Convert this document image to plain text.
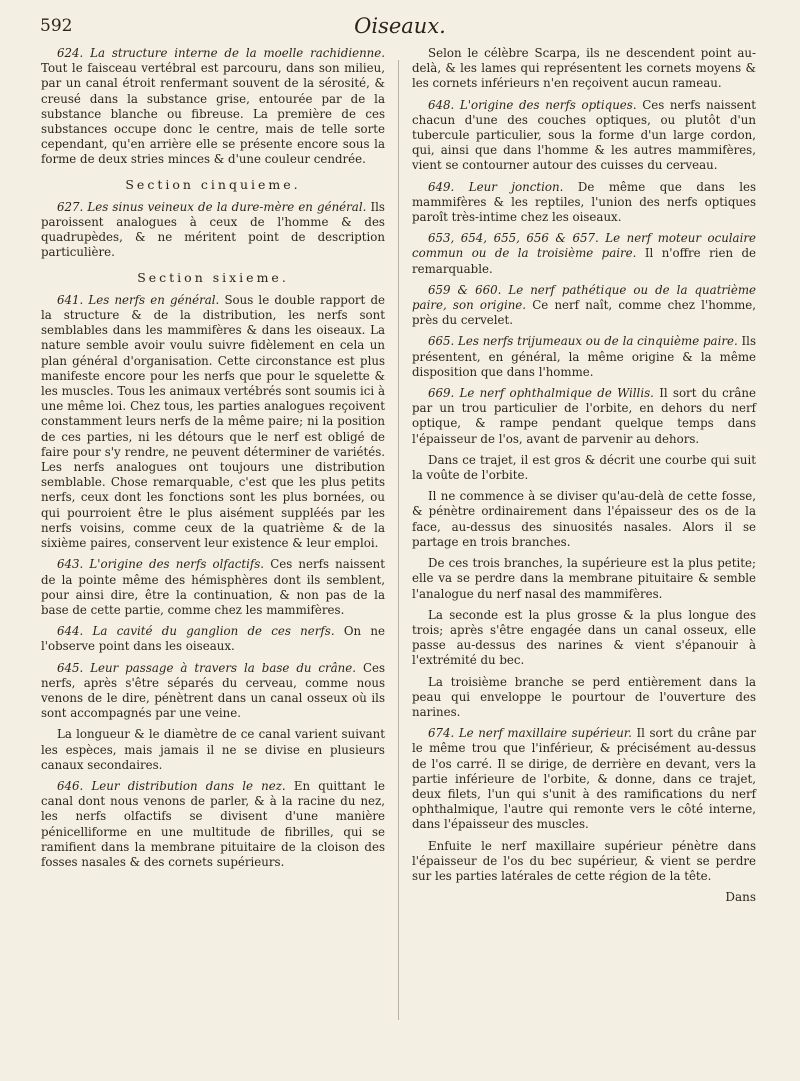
592	Oiseaux.

624. La structure interne de la moelle rachidienne. Tout le faisceau vertébral est parcouru, dans son milieu, par un canal étroit renfermant souvent de la sérosité, & creusé dans la substance grise, entourée par de la substance blanche ou fibreuse. La première de ces substances occupe donc le centre, mais de telle sorte cependant, qu'en arrière elle se présente encore sous la forme de deux stries minces & d'une couleur cendrée.

Section cinquieme.

627. Les sinus veineux de la dure-mère en général. Ils paroissent analogues à ceux de l'homme & des quadrupèdes, & ne méritent point de description particulière.

Section sixieme.

641. Les nerfs en général. Sous le double rapport de la structure & de la distribution, les nerfs sont semblables dans les mammifères & dans les oiseaux. La nature semble avoir voulu suivre fidèlement en cela un plan général d'organisation. Cette circonstance est plus manifeste encore pour les nerfs que pour le squelette & les muscles. Tous les animaux vertébrés sont soumis ici à une même loi. Chez tous, les parties analogues reçoivent constamment leurs nerfs de la même paire; ni la position de ces parties, ni les détours que le nerf est obligé de faire pour s'y rendre, ne peuvent déterminer de variétés. Les nerfs analogues ont toujours une distribution semblable. Chose remarquable, c'est que les plus petits nerfs, ceux dont les fonctions sont les plus bornées, ou qui pourroient être le plus aisément suppléés par les nerfs voisins, comme ceux de la quatrième & de la sixième paires, conservent leur existence & leur emploi.

643. L'origine des nerfs olfactifs. Ces nerfs naissent de la pointe même des hémisphères dont ils semblent, pour ainsi dire, être la continuation, & non pas de la base de cette partie, comme chez les mammifères.

644. La cavité du ganglion de ces nerfs. On ne l'observe point dans les oiseaux.

645. Leur passage à travers la base du crâne. Ces nerfs, après s'être séparés du cerveau, comme nous venons de le dire, pénètrent dans un canal osseux où ils sont accompagnés par une veine.

La longueur & le diamètre de ce canal varient suivant les espèces, mais jamais il ne se divise en plusieurs canaux secondaires.

646. Leur distribution dans le nez. En quittant le canal dont nous venons de parler, & à la racine du nez, les nerfs olfactifs se divisent d'une manière pénicelliforme en une multitude de fibrilles, qui se ramifient dans la membrane pituitaire de la cloison des fosses nasales & des cornets supérieurs.

Selon le célèbre Scarpa, ils ne descendent point au-delà, & les lames qui représentent les cornets moyens & les cornets inférieurs n'en reçoivent aucun rameau.

648. L'origine des nerfs optiques. Ces nerfs naissent chacun d'une des couches optiques, ou plutôt d'un tubercule particulier, sous la forme d'un large cordon, qui, ainsi que dans l'homme & les autres mammifères, vient se contourner autour des cuisses du cerveau.

649. Leur jonction. De même que dans les mammifères & les reptiles, l'union des nerfs optiques paroît très-intime chez les oiseaux.

653, 654, 655, 656 & 657. Le nerf moteur oculaire commun ou de la troisième paire. Il n'offre rien de remarquable.

659 & 660. Le nerf pathétique ou de la quatrième paire, son origine. Ce nerf naît, comme chez l'homme, près du cervelet.

665. Les nerfs trijumeaux ou de la cinquième paire. Ils présentent, en général, la même origine & la même disposition que dans l'homme.

669. Le nerf ophthalmique de Willis. Il sort du crâne par un trou particulier de l'orbite, en dehors du nerf optique, & rampe pendant quelque temps dans l'épaisseur de l'os, avant de parvenir au dehors.

Dans ce trajet, il est gros & décrit une courbe qui suit la voûte de l'orbite.

Il ne commence à se diviser qu'au-delà de cette fosse, & pénètre ordinairement dans l'épaisseur des os de la face, au-dessus des sinuosités nasales. Alors il se partage en trois branches.

De ces trois branches, la supérieure est la plus petite; elle va se perdre dans la membrane pituitaire & semble l'analogue du nerf nasal des mammifères.

La seconde est la plus grosse & la plus longue des trois; après s'être engagée dans un canal osseux, elle passe au-dessus des narines & vient s'épanouir à l'extrémité du bec.

La troisième branche se perd entièrement dans la peau qui enveloppe le pourtour de l'ouverture des narines.

674. Le nerf maxillaire supérieur. Il sort du crâne par le même trou que l'inférieur, & précisément au-dessus de l'os carré. Il se dirige, de derrière en devant, vers la partie inférieure de l'orbite, & donne, dans ce trajet, deux filets, l'un qui s'unit à des ramifications du nerf ophthalmique, l'autre qui remonte vers le côté interne, dans l'épaisseur des muscles.

Enfuite le nerf maxillaire supérieur pénètre dans l'épaisseur de l'os du bec supérieur, & vient se perdre sur les parties latérales de cette région de la tête.

Dans
